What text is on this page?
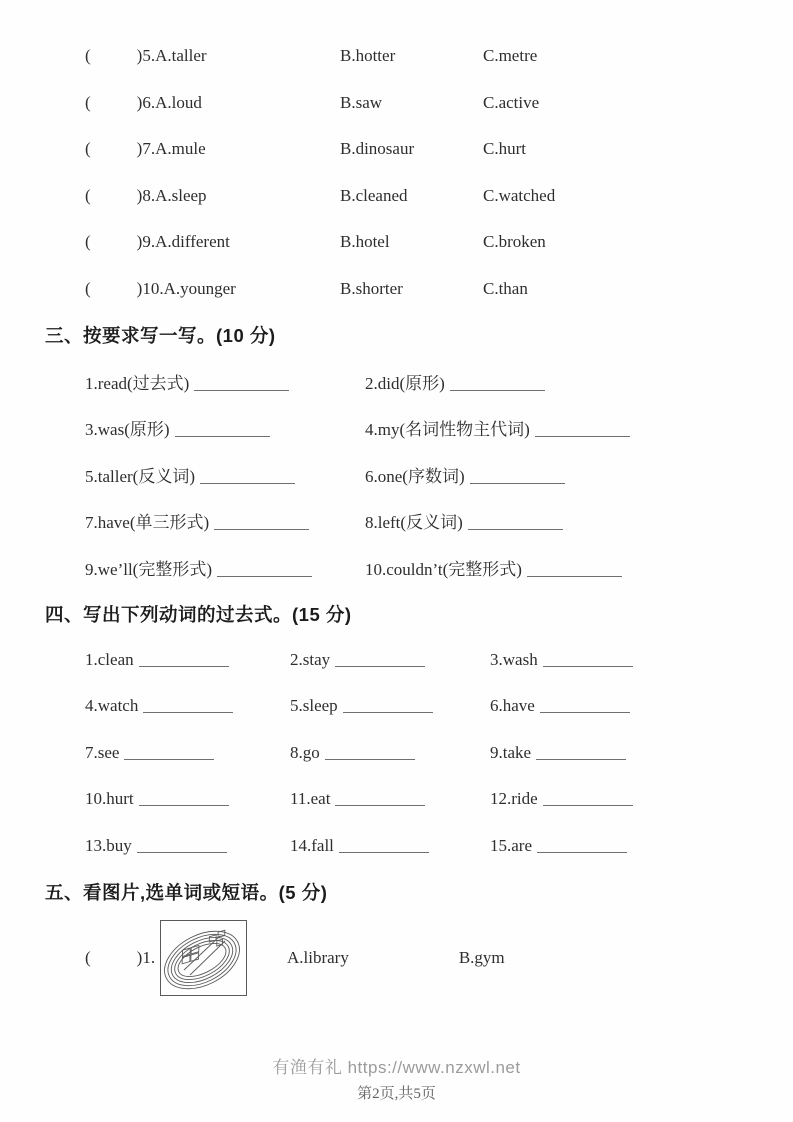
(	)5.A.taller	B.hotter	C.metre
(	)6.A.loud	B.saw	C.active
(	)7.A.mule	B.dinosaur	C.hurt
(	)8.A.sleep	B.cleaned	C.watched
(	)9.A.different	B.hotel	C.broken
(	)10.A.younger	B.shorter	C.than
三、按要求写一写。(10 分)
1.read(过去式)	2.did(原形)
3.was(原形)	4.my(名词性物主代词)
5.taller(反义词)	6.one(序数词)
7.have(单三形式)	8.left(反义词)
9.we’ll(完整形式)	10.couldn’t(完整形式)
四、写出下列动词的过去式。(15 分)
1.clean	2.stay	3.wash
4.watch	5.sleep	6.have
7.see	8.go	9.take
10.hurt	11.eat	12.ride
13.buy	14.fall	15.are
五、看图片,选单词或短语。(5 分)
(	)1.	A.library	B.gym
有渔有礼 https://www.nzxwl.net
第2页,共5页
